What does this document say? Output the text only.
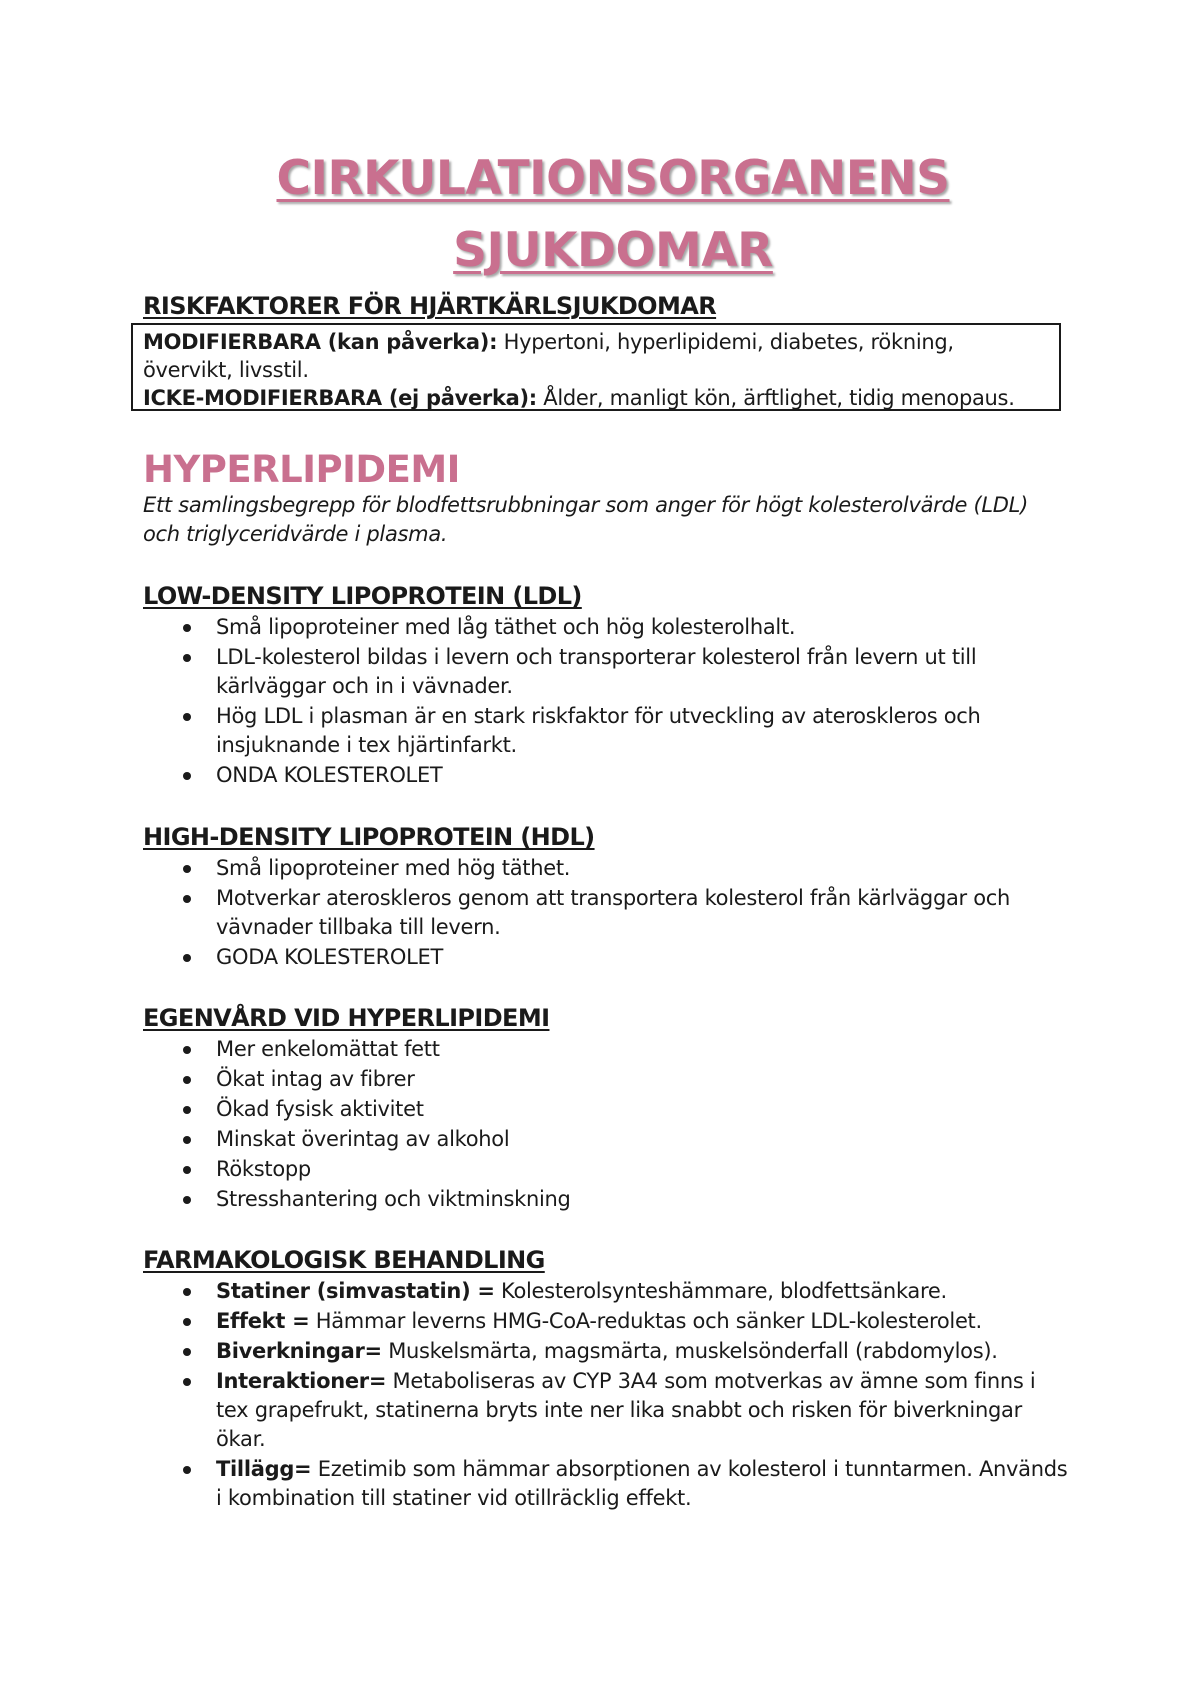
CIRKULATIONSORGANENS
SJUKDOMAR
RISKFAKTORER FÖR HJÄRTKÄRLSJUKDOMAR
MODIFIERBARA (kan påverka): Hypertoni, hyperlipidemi, diabetes, rökning, övervikt, livsstil.
ICKE-MODIFIERBARA (ej påverka): Ålder, manligt kön, ärftlighet, tidig menopaus.
HYPERLIPIDEMI

Ett samlingsbegrepp för blodfettsrubbningar som anger för högt kolesterolvärde (LDL) och triglyceridvärde i plasma.

LOW-DENSITY LIPOPROTEIN (LDL)
Små lipoproteiner med låg täthet och hög kolesterolhalt.
LDL-kolesterol bildas i levern och transporterar kolesterol från levern ut till kärlväggar och in i vävnader.
Hög LDL i plasman är en stark riskfaktor för utveckling av ateroskleros och insjuknande i tex hjärtinfarkt.
ONDA KOLESTEROLET
HIGH-DENSITY LIPOPROTEIN (HDL)
Små lipoproteiner med hög täthet.
Motverkar ateroskleros genom att transportera kolesterol från kärlväggar och vävnader tillbaka till levern.
GODA KOLESTEROLET
EGENVÅRD VID HYPERLIPIDEMI
Mer enkelomättat fett
Ökat intag av fibrer
Ökad fysisk aktivitet
Minskat överintag av alkohol
Rökstopp
Stresshantering och viktminskning
FARMAKOLOGISK BEHANDLING
Statiner (simvastatin) = Kolesterolsynteshämmare, blodfettsänkare.
Effekt = Hämmar leverns HMG-CoA-reduktas och sänker LDL-kolesterolet.
Biverkningar= Muskelsmärta, magsmärta, muskelsönderfall (rabdomylos).
Interaktioner= Metaboliseras av CYP 3A4 som motverkas av ämne som finns i tex grapefrukt, statinerna bryts inte ner lika snabbt och risken för biverkningar ökar.
Tillägg= Ezetimib som hämmar absorptionen av kolesterol i tunntarmen. Används i kombination till statiner vid otillräcklig effekt.
